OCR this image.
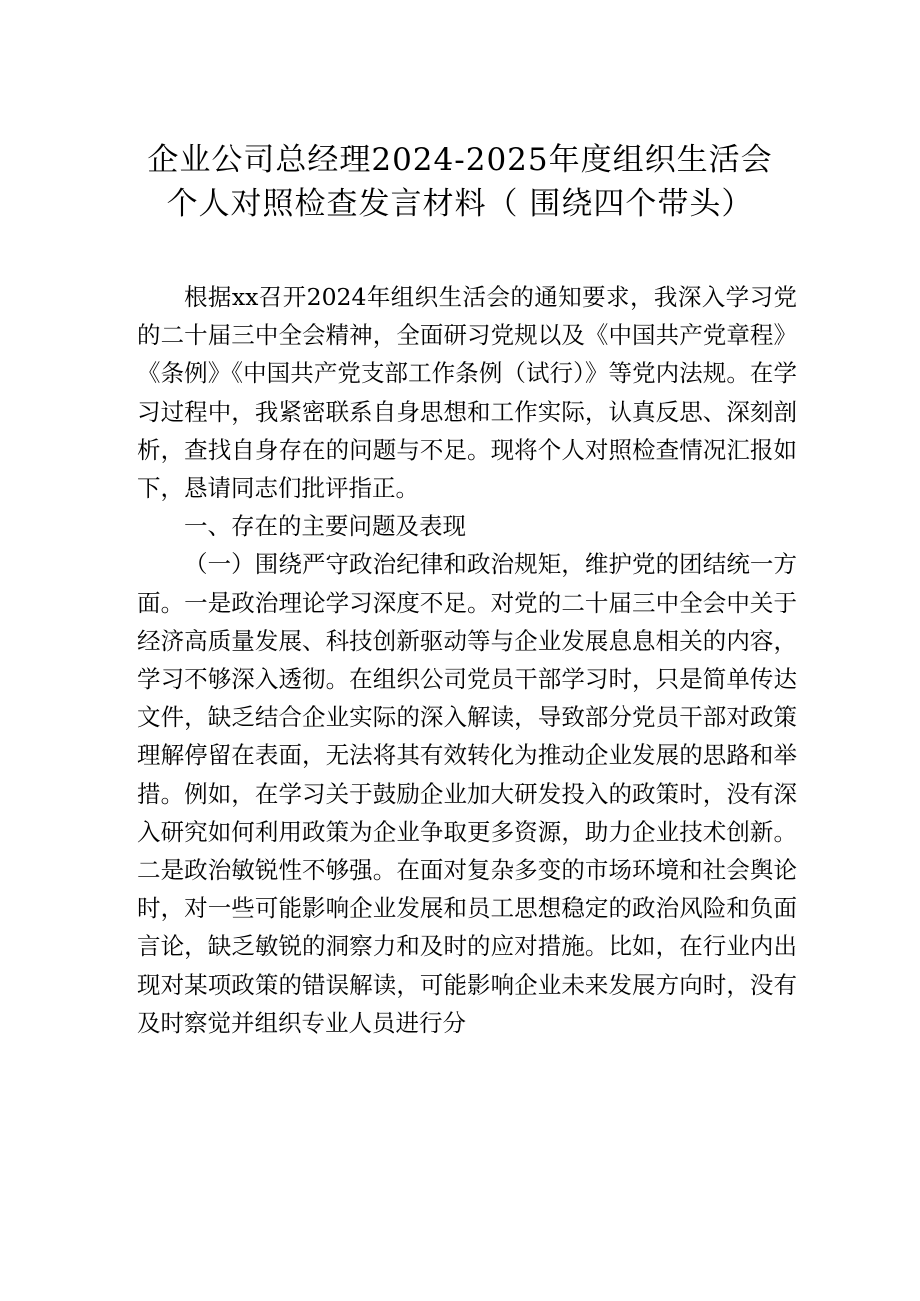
企业公司总经理2024-2025年度组织生活会
个人对照检查发言材料（ 围绕四个带头）

根据xx召开2024年组织生活会的通知要求，我深入学习党的二十届三中全会精神，全面研习党规以及《中国共产党章程》《条例》《中国共产党支部工作条例（试行）》等党内法规。在学习过程中，我紧密联系自身思想和工作实际，认真反思、深刻剖析，查找自身存在的问题与不足。现将个人对照检查情况汇报如下，恳请同志们批评指正。

一、存在的主要问题及表现

（一）围绕严守政治纪律和政治规矩，维护党的团结统一方面。一是政治理论学习深度不足。对党的二十届三中全会中关于经济高质量发展、科技创新驱动等与企业发展息息相关的内容，学习不够深入透彻。在组织公司党员干部学习时，只是简单传达文件，缺乏结合企业实际的深入解读，导致部分党员干部对政策理解停留在表面，无法将其有效转化为推动企业发展的思路和举措。例如，在学习关于鼓励企业加大研发投入的政策时，没有深入研究如何利用政策为企业争取更多资源，助力企业技术创新。二是政治敏锐性不够强。在面对复杂多变的市场环境和社会舆论时，对一些可能影响企业发展和员工思想稳定的政治风险和负面言论，缺乏敏锐的洞察力和及时的应对措施。比如，在行业内出现对某项政策的错误解读，可能影响企业未来发展方向时，没有及时察觉并组织专业人员进行分
